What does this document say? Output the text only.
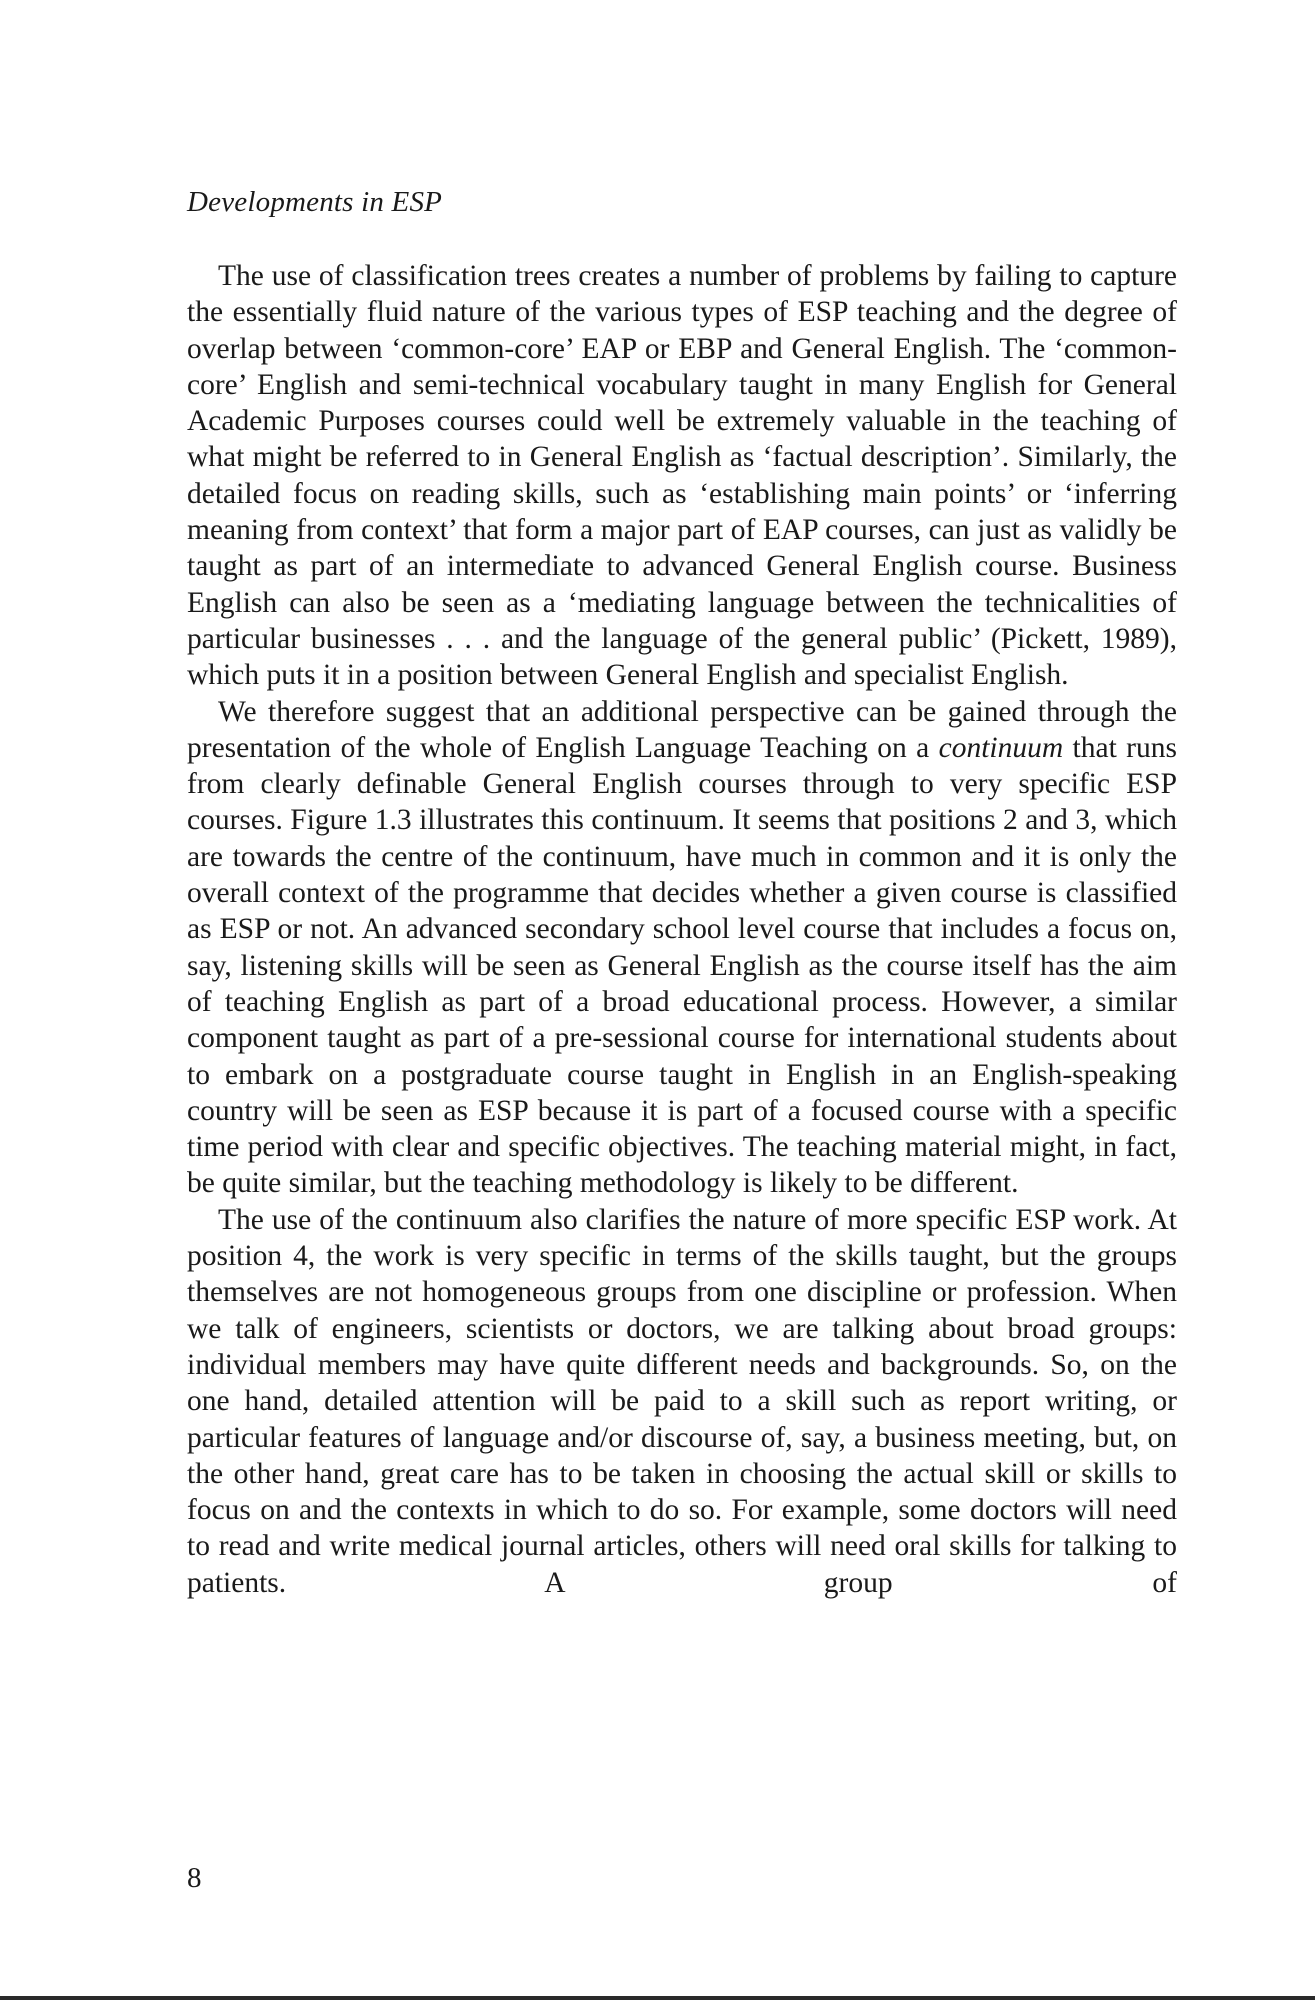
Developments in ESP

The use of classification trees creates a number of problems by failing to capture the essentially fluid nature of the various types of ESP teaching and the degree of overlap between ‘common-core’ EAP or EBP and General English. The ‘common-core’ English and semi-technical vocabulary taught in many English for General Academic Purposes courses could well be extremely valuable in the teaching of what might be referred to in General English as ‘factual description’. Similarly, the detailed focus on reading skills, such as ‘establishing main points’ or ‘inferring meaning from context’ that form a major part of EAP courses, can just as validly be taught as part of an intermediate to advanced General English course. Business English can also be seen as a ‘mediating language between the technicalities of particular businesses . . . and the language of the general public’ (Pickett, 1989), which puts it in a position between General English and specialist English.

We therefore suggest that an additional perspective can be gained through the presentation of the whole of English Language Teaching on a continuum that runs from clearly definable General English courses through to very specific ESP courses. Figure 1.3 illustrates this continuum. It seems that positions 2 and 3, which are towards the centre of the continuum, have much in common and it is only the overall context of the programme that decides whether a given course is classified as ESP or not. An advanced secondary school level course that includes a focus on, say, listening skills will be seen as General English as the course itself has the aim of teaching English as part of a broad educational process. However, a similar component taught as part of a pre-sessional course for international students about to embark on a postgraduate course taught in English in an English-speaking country will be seen as ESP because it is part of a focused course with a specific time period with clear and specific objectives. The teaching material might, in fact, be quite similar, but the teaching methodology is likely to be different.

The use of the continuum also clarifies the nature of more specific ESP work. At position 4, the work is very specific in terms of the skills taught, but the groups themselves are not homogeneous groups from one discipline or profession. When we talk of engineers, scientists or doctors, we are talking about broad groups: individual members may have quite different needs and backgrounds. So, on the one hand, detailed attention will be paid to a skill such as report writing, or particular features of language and/or discourse of, say, a business meeting, but, on the other hand, great care has to be taken in choosing the actual skill or skills to focus on and the contexts in which to do so. For example, some doctors will need to read and write medical journal articles, others will need oral skills for talking to patients. A group of

8
